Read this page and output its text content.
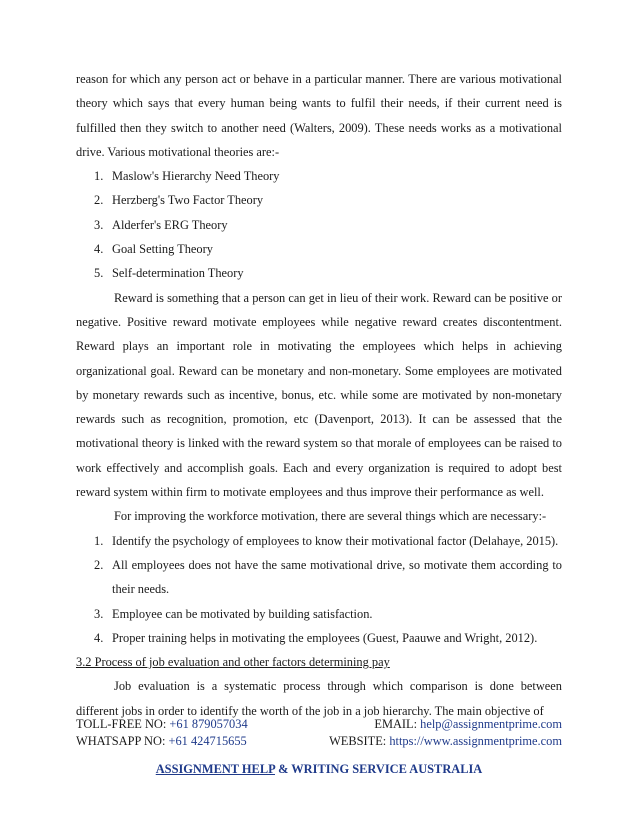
reason for which any person act or behave in a particular manner. There are various motivational theory which says that every human being wants to fulfil their needs, if their current need is fulfilled then they switch to another need (Walters, 2009). These needs works as a motivational drive. Various motivational theories are:-

1. Maslow's Hierarchy Need Theory
2. Herzberg's Two Factor Theory
3. Alderfer's ERG Theory
4. Goal Setting Theory
5. Self-determination Theory

Reward is something that a person can get in lieu of their work. Reward can be positive or negative. Positive reward motivate employees while negative reward creates discontentment. Reward plays an important role in motivating the employees which helps in achieving organizational goal. Reward can be monetary and non-monetary. Some employees are motivated by monetary rewards such as incentive, bonus, etc. while some are motivated by non-monetary rewards such as recognition, promotion, etc (Davenport, 2013). It can be assessed that the motivational theory is linked with the reward system so that morale of employees can be raised to work effectively and accomplish goals. Each and every organization is required to adopt best reward system within firm to motivate employees and thus improve their performance as well.

For improving the workforce motivation, there are several things which are necessary:-

1. Identify the psychology of employees to know their motivational factor (Delahaye, 2015).
2. All employees does not have the same motivational drive, so motivate them according to their needs.
3. Employee can be motivated by building satisfaction.
4. Proper training helps in motivating the employees (Guest, Paauwe and Wright, 2012).

3.2 Process of job evaluation and other factors determining pay

Job evaluation is a systematic process through which comparison is done between different jobs in order to identify the worth of the job in a job hierarchy. The main objective of

TOLL-FREE NO: +61 879057034	EMAIL: help@assignmentprime.com
WHATSAPP NO: +61 424715655	WEBSITE: https://www.assignmentprime.com
ASSIGNMENT HELP & WRITING SERVICE AUSTRALIA
